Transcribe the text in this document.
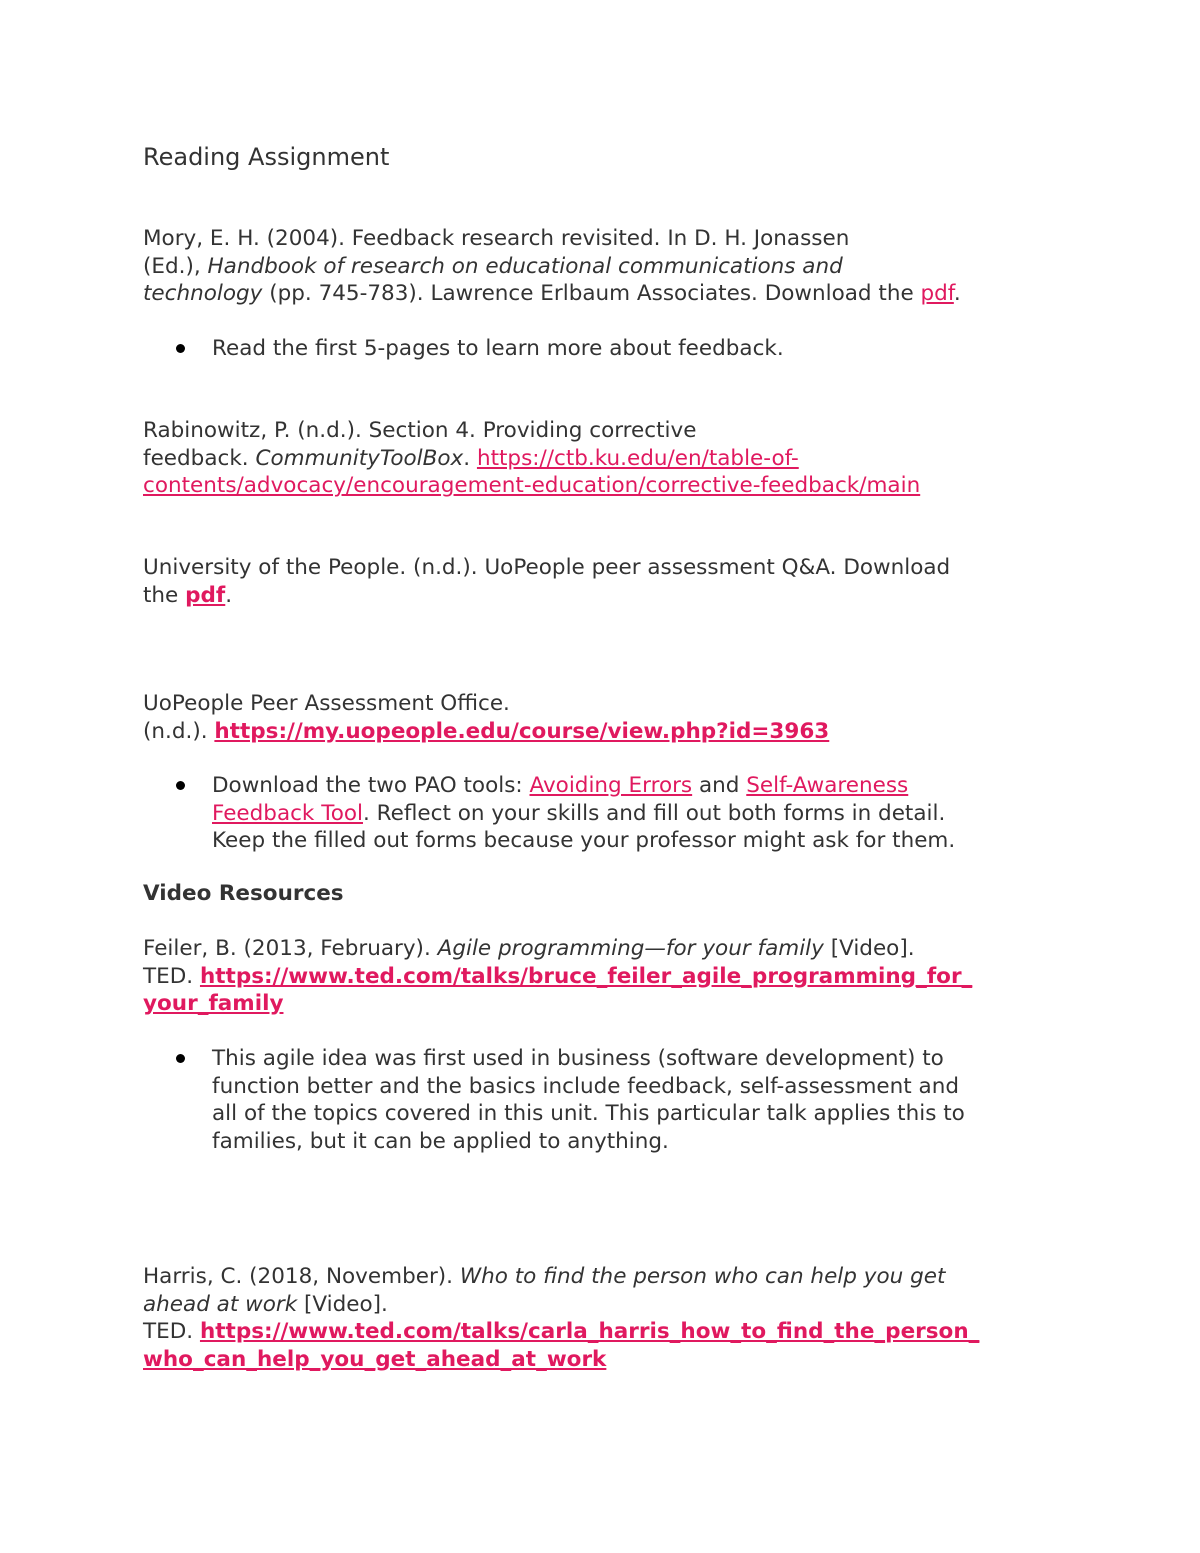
Reading Assignment
Mory, E. H. (2004). Feedback research revisited. In D. H. Jonassen
(Ed.), Handbook of research on educational communications and
technology (pp. 745-783). Lawrence Erlbaum Associates. Download the pdf.
Read the first 5-pages to learn more about feedback.
Rabinowitz, P. (n.d.). Section 4. Providing corrective
feedback. CommunityToolBox. https://ctb.ku.edu/en/table-of-
contents/advocacy/encouragement-education/corrective-feedback/main
University of the People. (n.d.). UoPeople peer assessment Q&A. Download
the pdf.
UoPeople Peer Assessment Office.
(n.d.). https://my.uopeople.edu/course/view.php?id=3963
Download the two PAO tools: Avoiding Errors and Self-Awareness
Feedback Tool. Reflect on your skills and fill out both forms in detail.
Keep the filled out forms because your professor might ask for them.
Video Resources
Feiler, B. (2013, February). Agile programming—for your family [Video].
TED. https://www.ted.com/talks/bruce_feiler_agile_programming_for_
your_family
This agile idea was first used in business (software development) to
function better and the basics include feedback, self-assessment and
all of the topics covered in this unit. This particular talk applies this to
families, but it can be applied to anything.
Harris, C. (2018, November). Who to find the person who can help you get
ahead at work [Video].
TED. https://www.ted.com/talks/carla_harris_how_to_find_the_person_
who_can_help_you_get_ahead_at_work
